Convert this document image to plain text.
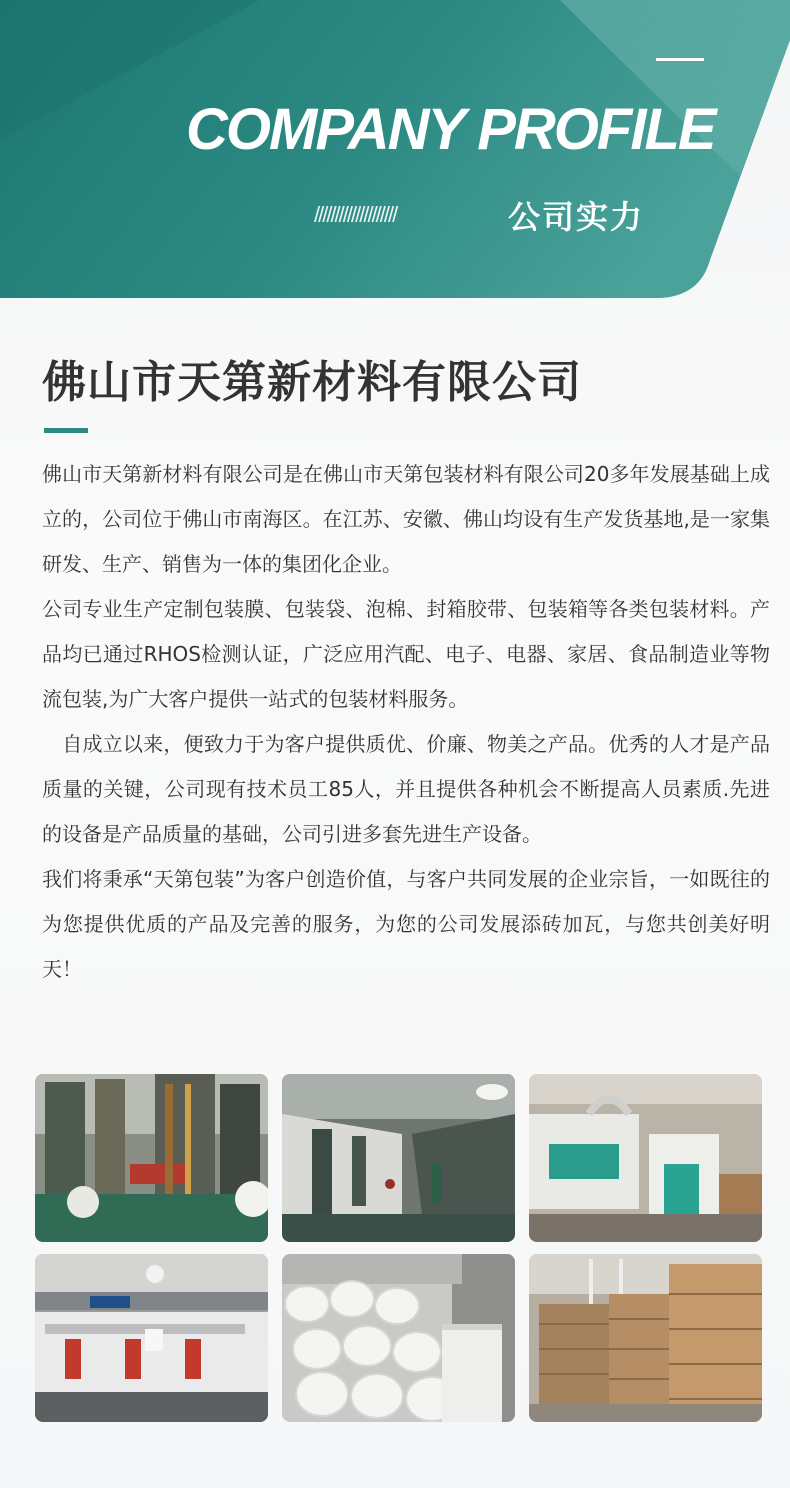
COMPANY PROFILE
////////////////////	公司实力
佛山市天第新材料有限公司

佛山市天第新材料有限公司是在佛山市天第包装材料有限公司20多年发展基础上成立的，公司位于佛山市南海区。在江苏、安徽、佛山均设有生产发货基地,是一家集研发、生产、销售为一体的集团化企业。

公司专业生产定制包装膜、包装袋、泡棉、封箱胶带、包装箱等各类包装材料。产品均已通过RHOS检测认证，广泛应用汽配、电子、电器、家居、食品制造业等物流包装,为广大客户提供一站式的包装材料服务。

　自成立以来，便致力于为客户提供质优、价廉、物美之产品。优秀的人才是产品质量的关键，公司现有技术员工85人，并且提供各种机会不断提高人员素质.先进的设备是产品质量的基础，公司引进多套先进生产设备。

我们将秉承“天第包装”为客户创造价值，与客户共同发展的企业宗旨，一如既往的为您提供优质的产品及完善的服务，为您的公司发展添砖加瓦，与您共创美好明天！
